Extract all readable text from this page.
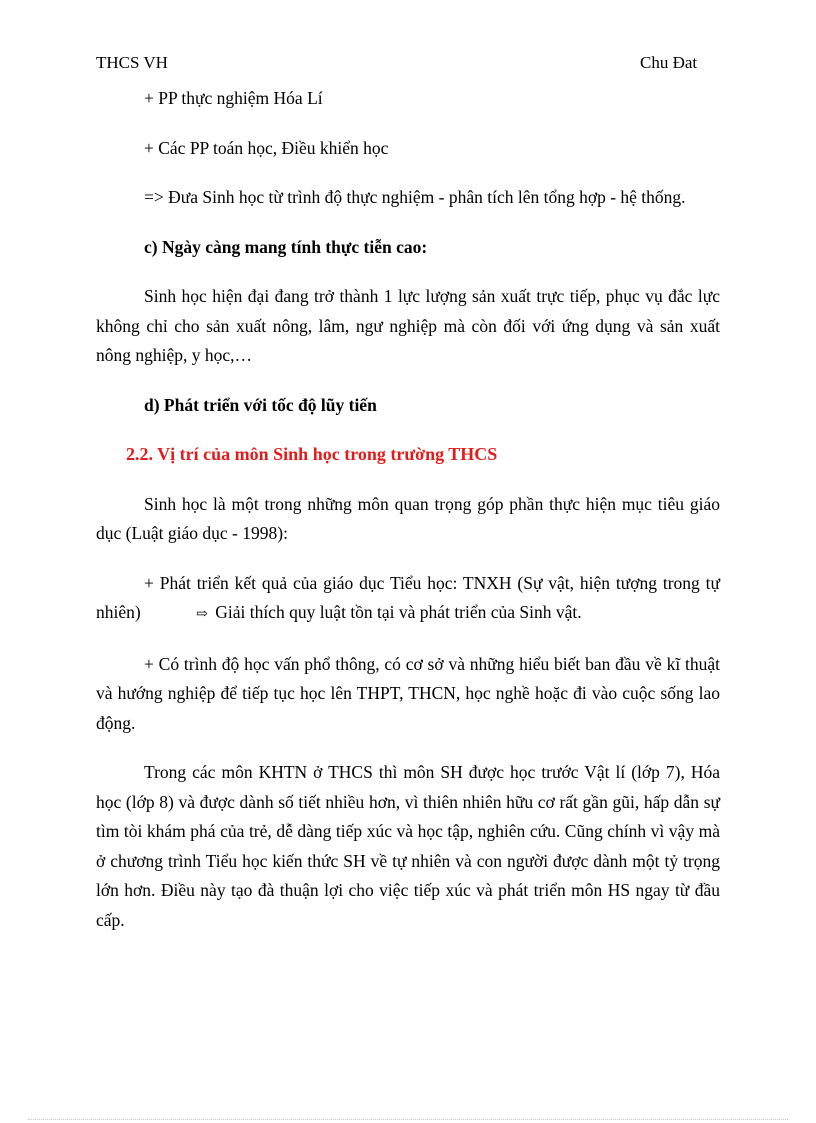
THCS VH	Chu Đat

+ PP thực nghiệm Hóa Lí

+ Các PP toán học, Điều khiển học

=> Đưa Sinh học từ trình độ thực nghiệm - phân tích lên tổng hợp - hệ thống.

c) Ngày càng mang tính thực tiễn cao:

Sinh học hiện đại đang trở thành 1 lực lượng sản xuất trực tiếp, phục vụ đắc lực không chỉ cho sản xuất nông, lâm, ngư nghiệp mà còn đối với ứng dụng và sản xuất nông nghiệp, y học,…

d) Phát triển với tốc độ lũy tiến

2.2. Vị trí của môn Sinh học trong trường THCS

Sinh học là một trong những môn quan trọng góp phần thực hiện mục tiêu giáo dục (Luật giáo dục - 1998):

+ Phát triển kết quả của giáo dục Tiểu học: TNXH (Sự vật, hiện tượng trong tự nhiên)	⇨ Giải thích quy luật tồn tại và phát triển của Sinh vật.

+ Có trình độ học vấn phổ thông, có cơ sở và những hiểu biết ban đầu về kĩ thuật và hướng nghiệp để tiếp tục học lên THPT, THCN, học nghề hoặc đi vào cuộc sống lao động.

Trong các môn KHTN ở THCS thì môn SH được học trước Vật lí (lớp 7), Hóa học (lớp 8) và được dành số tiết nhiều hơn, vì thiên nhiên hữu cơ rất gần gũi, hấp dẫn sự tìm tòi khám phá của trẻ, dễ dàng tiếp xúc và học tập, nghiên cứu. Cũng chính vì vậy mà ở chương trình Tiểu học kiến thức SH về tự nhiên và con người được dành một tỷ trọng lớn hơn. Điều này tạo đà thuận lợi cho việc tiếp xúc và phát triển môn HS ngay từ đầu cấp.
